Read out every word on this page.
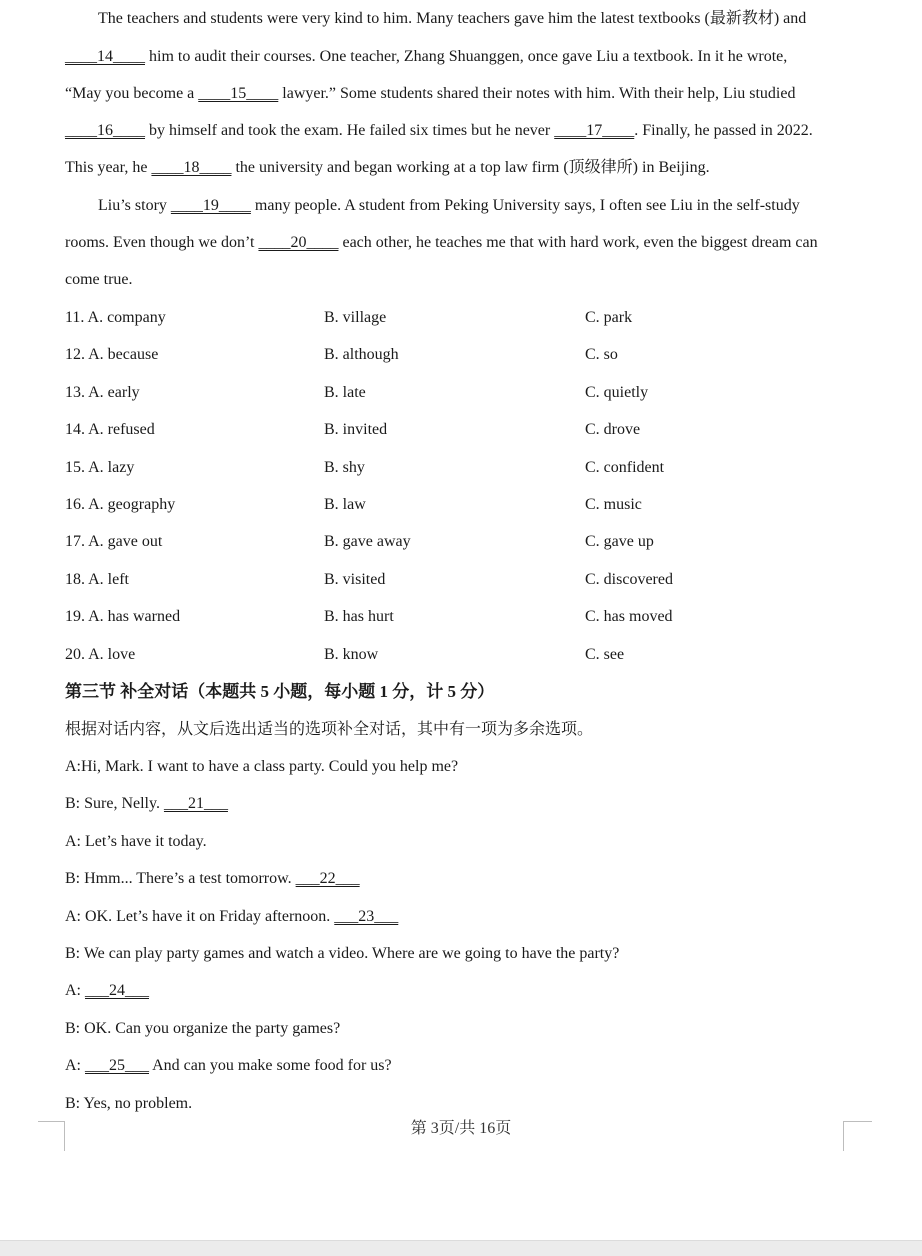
The teachers and students were very kind to him. Many teachers gave him the latest textbooks (最新教材) and
____14____ him to audit their courses. One teacher, Zhang Shuanggen, once gave Liu a textbook. In it he wrote,
“May you become a ____15____ lawyer.” Some students shared their notes with him. With their help, Liu studied
____16____ by himself and took the exam. He failed six times but he never ____17____. Finally, he passed in 2022.
This year, he ____18____ the university and began working at a top law firm (顶级律所) in Beijing.
Liu’s story ____19____ many people. A student from Peking University says, I often see Liu in the self-study
rooms. Even though we don’t ____20____ each other, he teaches me that with hard work, even the biggest dream can
come true.
11. A. company	B. village	C. park
12. A. because	B. although	C. so
13. A. early	B. late	C. quietly
14. A. refused	B. invited	C. drove
15. A. lazy	B. shy	C. confident
16. A. geography	B. law	C. music
17. A. gave out	B. gave away	C. gave up
18. A. left	B. visited	C. discovered
19. A. has warned	B. has hurt	C. has moved
20. A. love	B. know	C. see
第三节 补全对话（本题共 5 小题，每小题 1 分，计 5 分）
根据对话内容，从文后选出适当的选项补全对话，其中有一项为多余选项。
A:Hi, Mark. I want to have a class party. Could you help me?
B: Sure, Nelly. ___21___
A: Let’s have it today.
B: Hmm... There’s a test tomorrow. ___22___
A: OK. Let’s have it on Friday afternoon. ___23___
B: We can play party games and watch a video. Where are we going to have the party?
A: ___24___
B: OK. Can you organize the party games?
A: ___25___ And can you make some food for us?
B: Yes, no problem.
第 3页/共 16页
